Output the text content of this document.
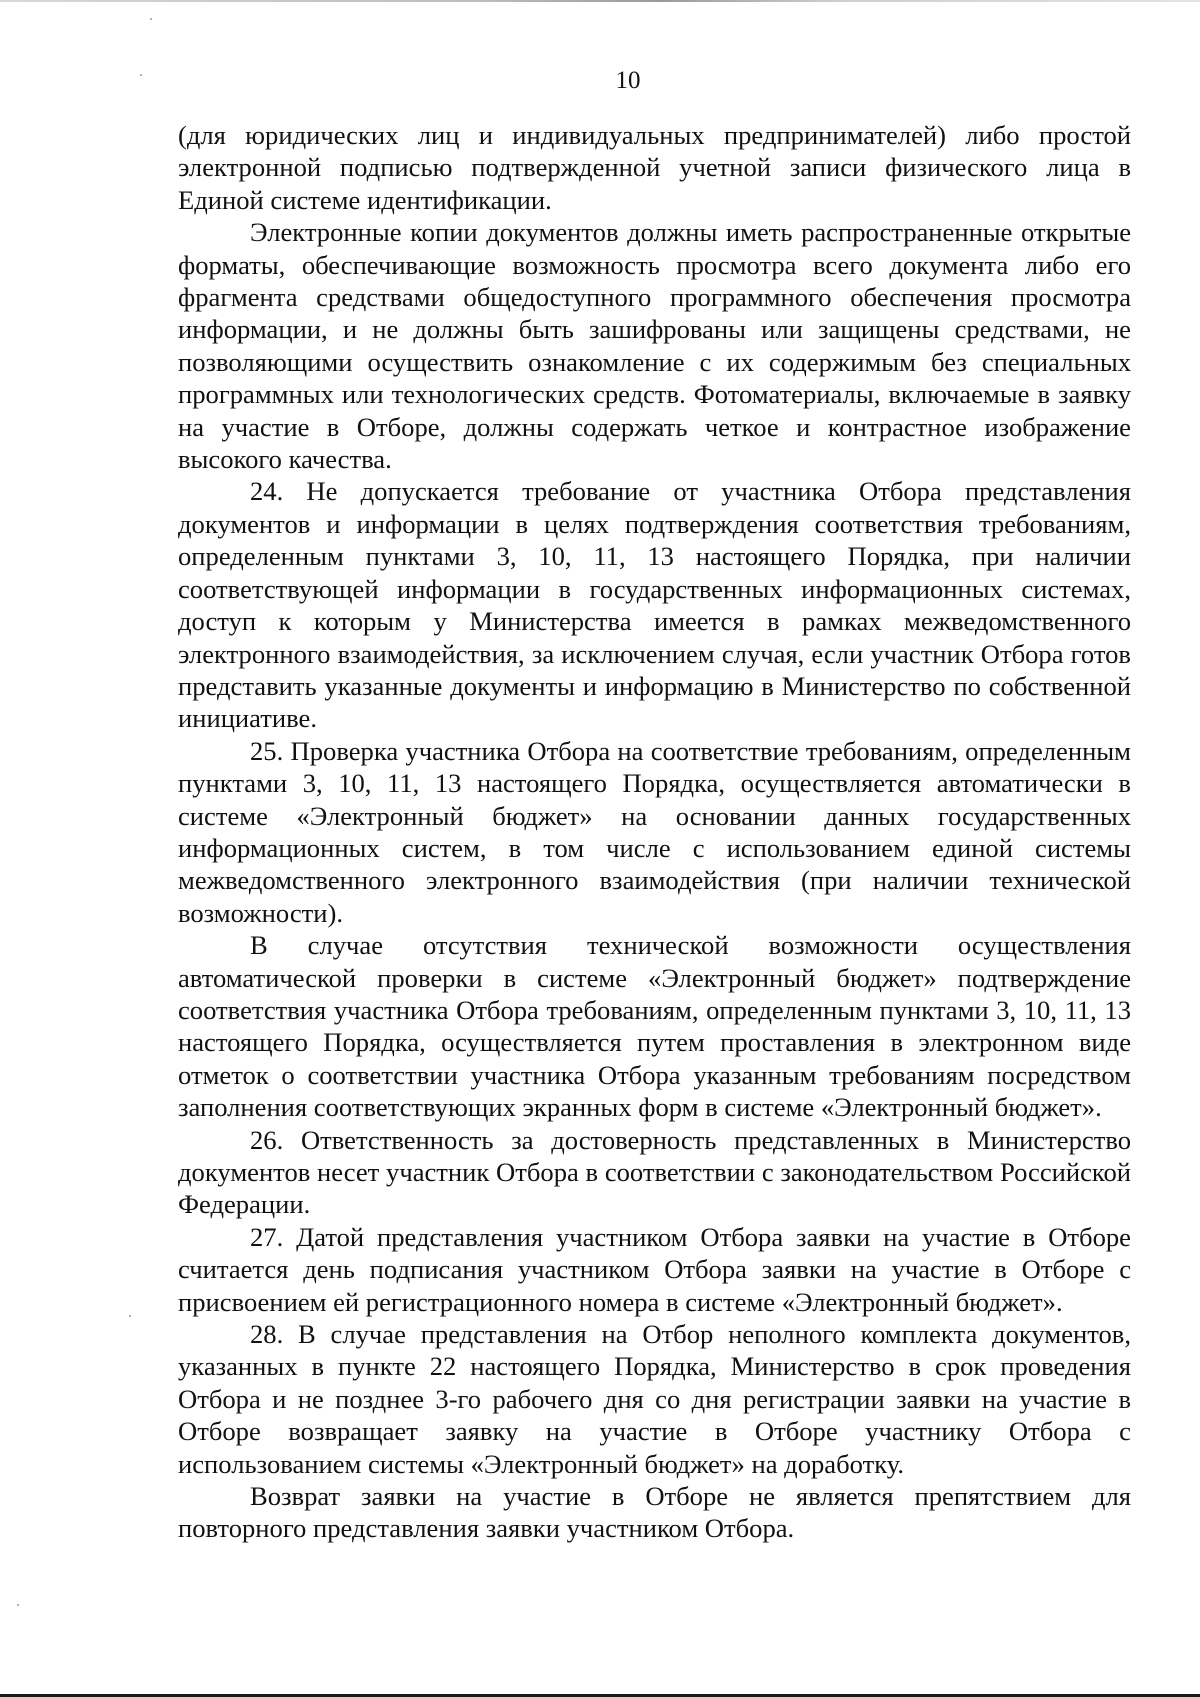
10

(для юридических лиц и индивидуальных предпринимателей) либо простой электронной подписью подтвержденной учетной записи физического лица в Единой системе идентификации.

Электронные копии документов должны иметь распространенные открытые форматы, обеспечивающие возможность просмотра всего документа либо его фрагмента средствами общедоступного программного обеспечения просмотра информации, и не должны быть зашифрованы или защищены средствами, не позволяющими осуществить ознакомление с их содержимым без специальных программных или технологических средств. Фотоматериалы, включаемые в заявку на участие в Отборе, должны содержать четкое и контрастное изображение высокого качества.

24. Не допускается требование от участника Отбора представления документов и информации в целях подтверждения соответствия требованиям, определенным пунктами 3, 10, 11, 13 настоящего Порядка, при наличии соответствующей информации в государственных информационных системах, доступ к которым у Министерства имеется в рамках межведомственного электронного взаимодействия, за исключением случая, если участник Отбора готов представить указанные документы и информацию в Министерство по собственной инициативе.

25. Проверка участника Отбора на соответствие требованиям, определенным пунктами 3, 10, 11, 13 настоящего Порядка, осуществляется автоматически в системе «Электронный бюджет» на основании данных государственных информационных систем, в том числе с использованием единой системы межведомственного электронного взаимодействия (при наличии технической возможности).

В случае отсутствия технической возможности осуществления автоматической проверки в системе «Электронный бюджет» подтверждение соответствия участника Отбора требованиям, определенным пунктами 3, 10, 11, 13 настоящего Порядка, осуществляется путем проставления в электронном виде отметок о соответствии участника Отбора указанным требованиям посредством заполнения соответствующих экранных форм в системе «Электронный бюджет».

26. Ответственность за достоверность представленных в Министерство документов несет участник Отбора в соответствии с законодательством Российской Федерации.

27. Датой представления участником Отбора заявки на участие в Отборе считается день подписания участником Отбора заявки на участие в Отборе с присвоением ей регистрационного номера в системе «Электронный бюджет».

28. В случае представления на Отбор неполного комплекта документов, указанных в пункте 22 настоящего Порядка, Министерство в срок проведения Отбора и не позднее 3-го рабочего дня со дня регистрации заявки на участие в Отборе возвращает заявку на участие в Отборе участнику Отбора с использованием системы «Электронный бюджет» на доработку.

Возврат заявки на участие в Отборе не является препятствием для повторного представления заявки участником Отбора.
